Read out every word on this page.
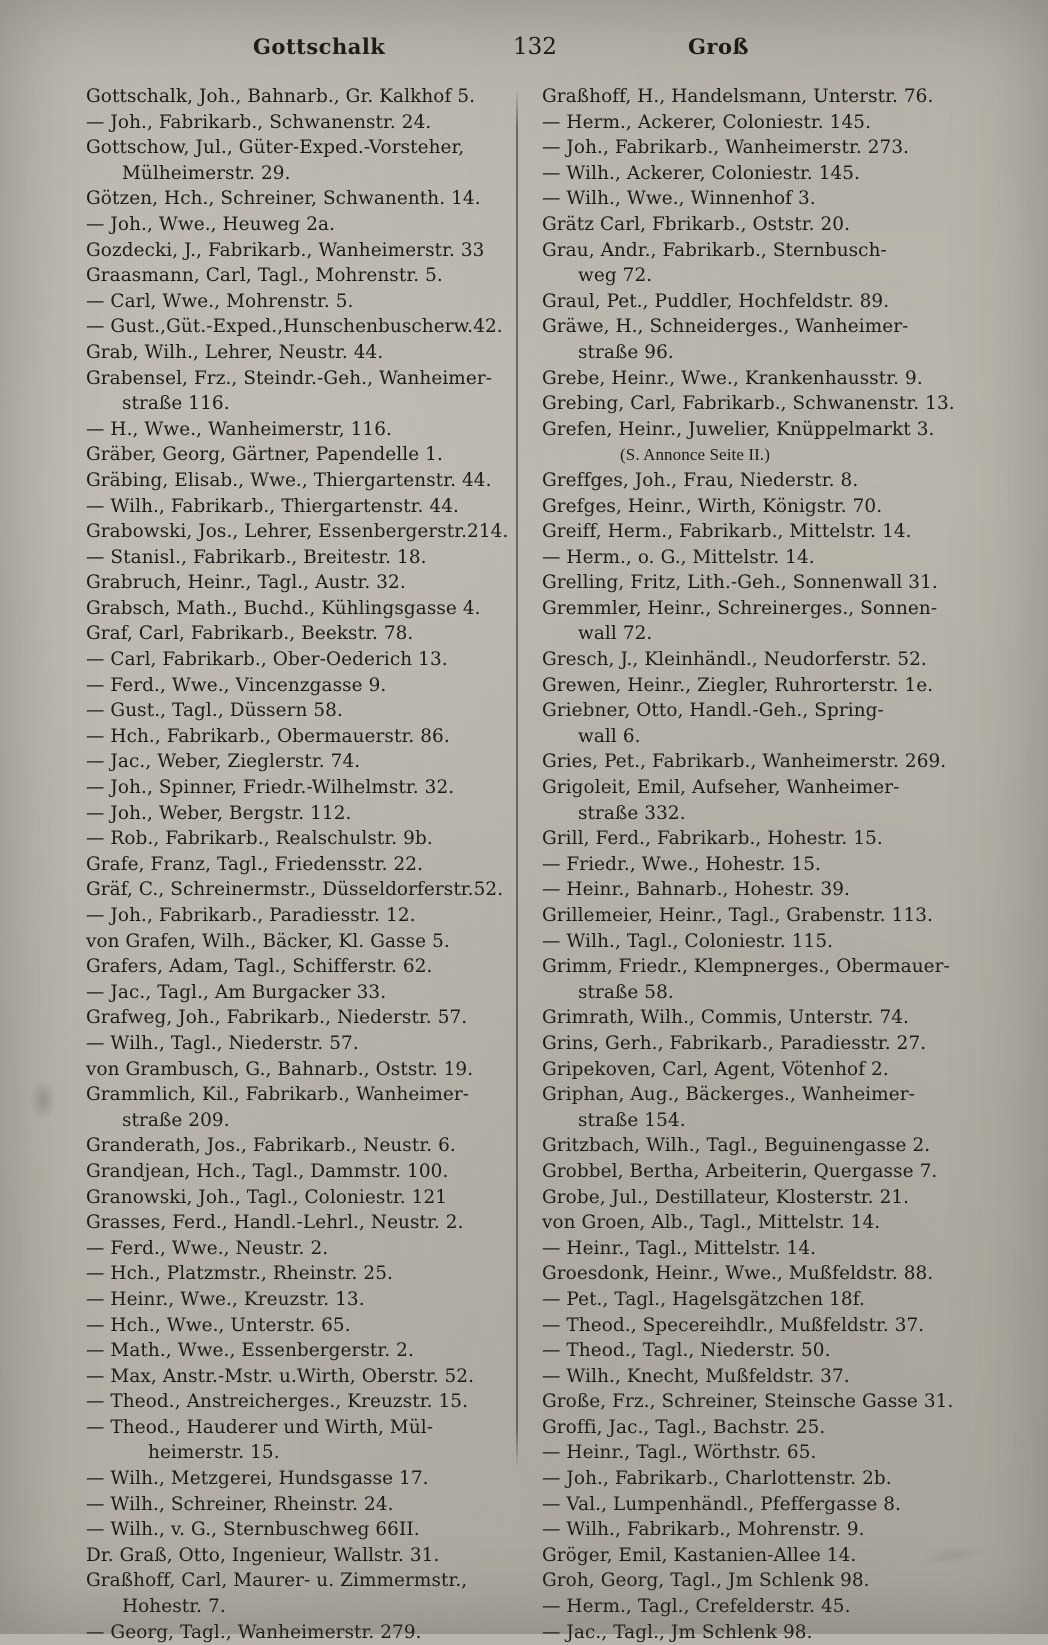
Gottschalk	132	Groß
Gottschalk, Joh., Bahnarb., Gr. Kalkhof 5.
— Joh., Fabrikarb., Schwanenstr. 24.
Gottschow, Jul., Güter-Exped.-Vorsteher,
Mülheimerstr. 29.
Götzen, Hch., Schreiner, Schwanenth. 14.
— Joh., Wwe., Heuweg 2a.
Gozdecki, J., Fabrikarb., Wanheimerstr. 33
Graasmann, Carl, Tagl., Mohrenstr. 5.
— Carl, Wwe., Mohrenstr. 5.
— Gust.,Güt.-Exped.,Hunschenbuscherw.42.
Grab, Wilh., Lehrer, Neustr. 44.
Grabensel, Frz., Steindr.-Geh., Wanheimer-
straße 116.
— H., Wwe., Wanheimerstr, 116.
Gräber, Georg, Gärtner, Papendelle 1.
Gräbing, Elisab., Wwe., Thiergartenstr. 44.
— Wilh., Fabrikarb., Thiergartenstr. 44.
Grabowski, Jos., Lehrer, Essenbergerstr.214.
— Stanisl., Fabrikarb., Breitestr. 18.
Grabruch, Heinr., Tagl., Austr. 32.
Grabsch, Math., Buchd., Kühlingsgasse 4.
Graf, Carl, Fabrikarb., Beekstr. 78.
— Carl, Fabrikarb., Ober-Oederich 13.
— Ferd., Wwe., Vincenzgasse 9.
— Gust., Tagl., Düssern 58.
— Hch., Fabrikarb., Obermauerstr. 86.
— Jac., Weber, Zieglerstr. 74.
— Joh., Spinner, Friedr.-Wilhelmstr. 32.
— Joh., Weber, Bergstr. 112.
— Rob., Fabrikarb., Realschulstr. 9b.
Grafe, Franz, Tagl., Friedensstr. 22.
Gräf, C., Schreinermstr., Düsseldorferstr.52.
— Joh., Fabrikarb., Paradiesstr. 12.
von Grafen, Wilh., Bäcker, Kl. Gasse 5.
Grafers, Adam, Tagl., Schifferstr. 62.
— Jac., Tagl., Am Burgacker 33.
Grafweg, Joh., Fabrikarb., Niederstr. 57.
— Wilh., Tagl., Niederstr. 57.
von Grambusch, G., Bahnarb., Oststr. 19.
Grammlich, Kil., Fabrikarb., Wanheimer-
straße 209.
Granderath, Jos., Fabrikarb., Neustr. 6.
Grandjean, Hch., Tagl., Dammstr. 100.
Granowski, Joh., Tagl., Coloniestr. 121
Grasses, Ferd., Handl.-Lehrl., Neustr. 2.
— Ferd., Wwe., Neustr. 2.
— Hch., Platzmstr., Rheinstr. 25.
— Heinr., Wwe., Kreuzstr. 13.
— Hch., Wwe., Unterstr. 65.
— Math., Wwe., Essenbergerstr. 2.
— Max, Anstr.-Mstr. u.Wirth, Oberstr. 52.
— Theod., Anstreicherges., Kreuzstr. 15.
— Theod., Hauderer und Wirth, Mül-
heimerstr. 15.
— Wilh., Metzgerei, Hundsgasse 17.
— Wilh., Schreiner, Rheinstr. 24.
— Wilh., v. G., Sternbuschweg 66II.
Dr. Graß, Otto, Ingenieur, Wallstr. 31.
Graßhoff, Carl, Maurer- u. Zimmermstr.,
Hohestr. 7.
— Georg, Tagl., Wanheimerstr. 279.
Graßhoff, H., Handelsmann, Unterstr. 76.
— Herm., Ackerer, Coloniestr. 145.
— Joh., Fabrikarb., Wanheimerstr. 273.
— Wilh., Ackerer, Coloniestr. 145.
— Wilh., Wwe., Winnenhof 3.
Grätz Carl, Fbrikarb., Oststr. 20.
Grau, Andr., Fabrikarb., Sternbusch-
weg 72.
Graul, Pet., Puddler, Hochfeldstr. 89.
Gräwe, H., Schneiderges., Wanheimer-
straße 96.
Grebe, Heinr., Wwe., Krankenhausstr. 9.
Grebing, Carl, Fabrikarb., Schwanenstr. 13.
Grefen, Heinr., Juwelier, Knüppelmarkt 3.
(S. Annonce Seite II.)
Greffges, Joh., Frau, Niederstr. 8.
Grefges, Heinr., Wirth, Königstr. 70.
Greiff, Herm., Fabrikarb., Mittelstr. 14.
— Herm., o. G., Mittelstr. 14.
Grelling, Fritz, Lith.-Geh., Sonnenwall 31.
Gremmler, Heinr., Schreinerges., Sonnen-
wall 72.
Gresch, J., Kleinhändl., Neudorferstr. 52.
Grewen, Heinr., Ziegler, Ruhrorterstr. 1e.
Griebner, Otto, Handl.-Geh., Spring-
wall 6.
Gries, Pet., Fabrikarb., Wanheimerstr. 269.
Grigoleit, Emil, Aufseher, Wanheimer-
straße 332.
Grill, Ferd., Fabrikarb., Hohestr. 15.
— Friedr., Wwe., Hohestr. 15.
— Heinr., Bahnarb., Hohestr. 39.
Grillemeier, Heinr., Tagl., Grabenstr. 113.
— Wilh., Tagl., Coloniestr. 115.
Grimm, Friedr., Klempnerges., Obermauer-
straße 58.
Grimrath, Wilh., Commis, Unterstr. 74.
Grins, Gerh., Fabrikarb., Paradiesstr. 27.
Gripekoven, Carl, Agent, Vötenhof 2.
Griphan, Aug., Bäckerges., Wanheimer-
straße 154.
Gritzbach, Wilh., Tagl., Beguinengasse 2.
Grobbel, Bertha, Arbeiterin, Quergasse 7.
Grobe, Jul., Destillateur, Klosterstr. 21.
von Groen, Alb., Tagl., Mittelstr. 14.
— Heinr., Tagl., Mittelstr. 14.
Groesdonk, Heinr., Wwe., Mußfeldstr. 88.
— Pet., Tagl., Hagelsgätzchen 18f.
— Theod., Specereihdlr., Mußfeldstr. 37.
— Theod., Tagl., Niederstr. 50.
— Wilh., Knecht, Mußfeldstr. 37.
Große, Frz., Schreiner, Steinsche Gasse 31.
Groffi, Jac., Tagl., Bachstr. 25.
— Heinr., Tagl., Wörthstr. 65.
— Joh., Fabrikarb., Charlottenstr. 2b.
— Val., Lumpenhändl., Pfeffergasse 8.
— Wilh., Fabrikarb., Mohrenstr. 9.
Gröger, Emil, Kastanien-Allee 14.
Groh, Georg, Tagl., Jm Schlenk 98.
— Herm., Tagl., Crefelderstr. 45.
— Jac., Tagl., Jm Schlenk 98.
